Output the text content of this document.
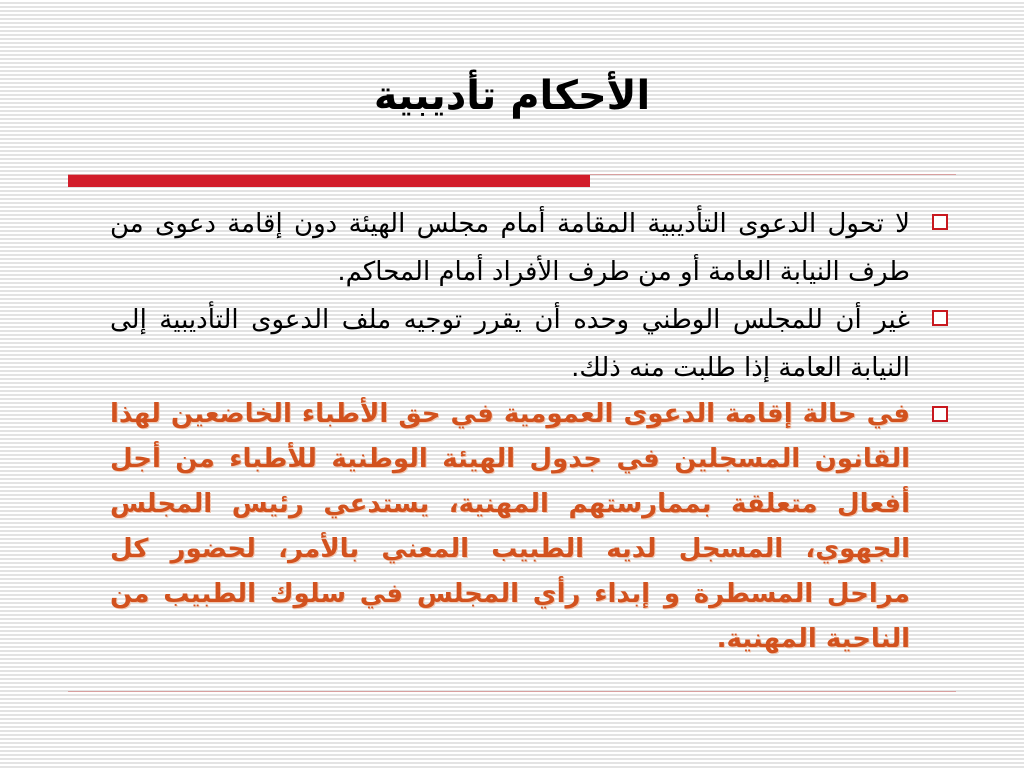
الأحكام تأديبية
لا تحول الدعوى التأديبية المقامة أمام مجلس الهيئة دون إقامة دعوى من طرف النيابة العامة أو من طرف الأفراد أمام المحاكم.
غير أن للمجلس الوطني وحده أن يقرر توجيه ملف الدعوى التأديبية إلى النيابة العامة إذا طلبت منه ذلك.
في حالة إقامة الدعوى العمومية في حق الأطباء الخاضعين لهذا القانون المسجلين في جدول الهيئة الوطنية للأطباء من أجل أفعال متعلقة بممارستهم المهنية، يستدعي رئيس المجلس الجهوي، المسجل لديه الطبيب المعني بالأمر، لحضور كل مراحل المسطرة و إبداء رأي المجلس في سلوك الطبيب من الناحية المهنية.
